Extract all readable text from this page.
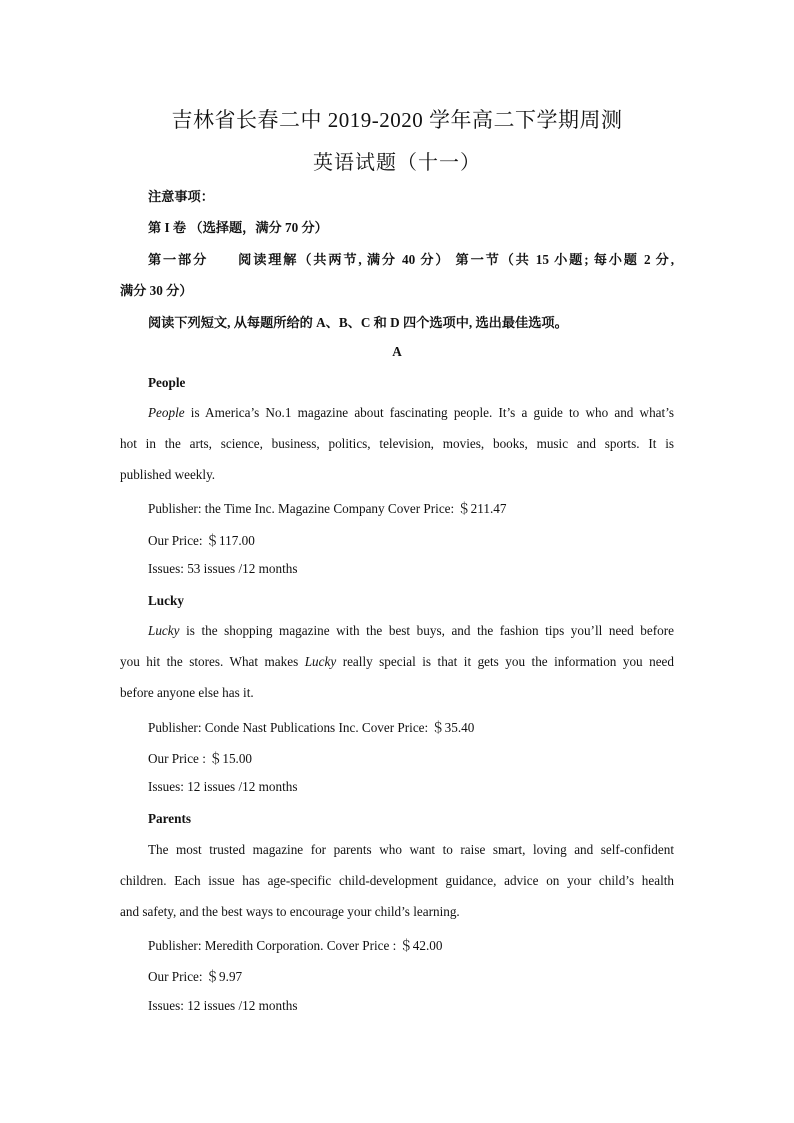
吉林省长春二中 2019-2020 学年高二下学期周测
英语试题（十一）
注意事项：
第 I 卷 （选择题，满分 70 分）
第一部分　　阅读理解（共两节, 满分 40 分） 第一节（共 15 小题; 每小题 2 分,
满分 30 分）
阅读下列短文, 从每题所给的 A、B、C 和 D 四个选项中, 选出最佳选项。
A
People
People is America’s No.1 magazine about fascinating people. It’s a guide to who and what’s
hot in the arts, science, business, politics, television, movies, books, music and sports. It is
published weekly.
Publisher: the Time Inc. Magazine Company Cover Price: ＄211.47
Our Price: ＄117.00
Issues: 53 issues /12 months
Lucky
Lucky is the shopping magazine with the best buys, and the fashion tips you’ll need before
you hit the stores. What makes Lucky really special is that it gets you the information you need
before anyone else has it.
Publisher: Conde Nast Publications Inc. Cover Price: ＄35.40
Our Price : ＄15.00
Issues: 12 issues /12 months
Parents
The most trusted magazine for parents who want to raise smart, loving and self-confident
children. Each issue has age-specific child-development guidance, advice on your child’s health
and safety, and the best ways to encourage your child’s learning.
Publisher: Meredith Corporation. Cover Price : ＄42.00
Our Price: ＄9.97
Issues: 12 issues /12 months
